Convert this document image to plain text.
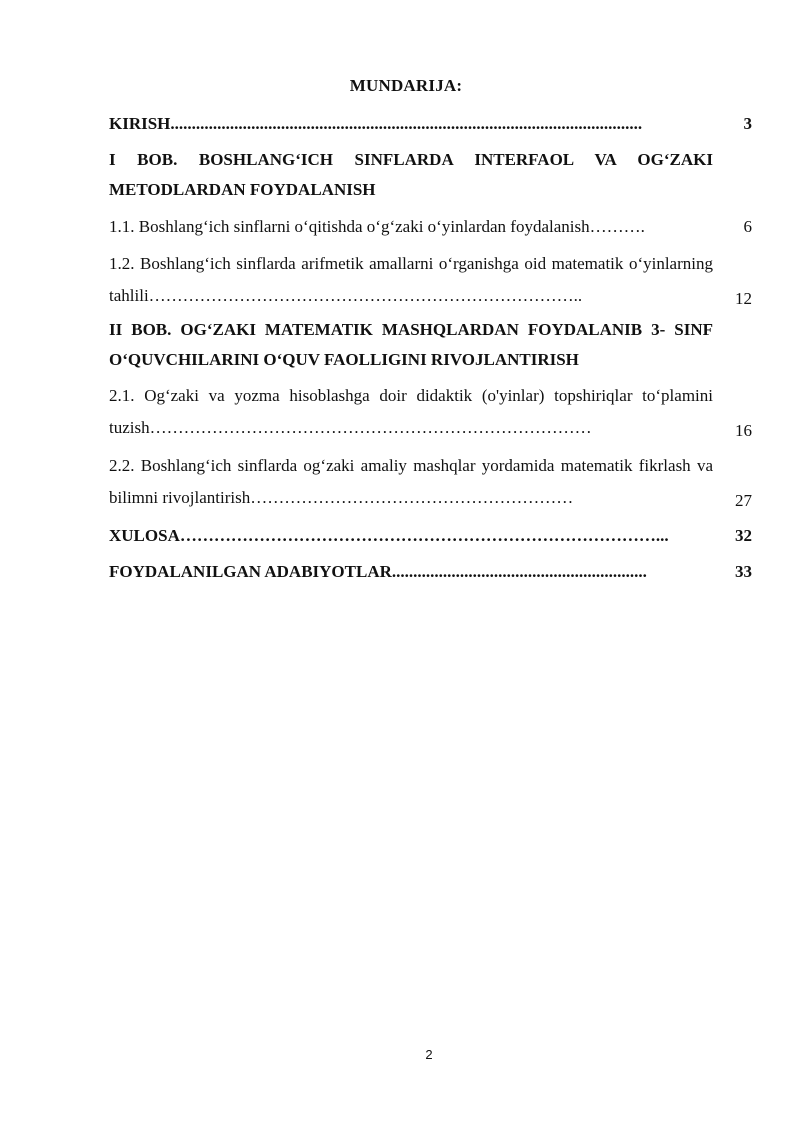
MUNDARIJA:
KIRISH...............................................................................................................	3
I BOB. BOSHLANG‘ICH SINFLARDA INTERFAOL VA OG‘ZAKI METODLARDAN FOYDALANISH
1.1. Boshlang‘ich sinflarni o‘qitishda o‘g‘zaki o‘yinlardan foydalanish……….	6
1.2. Boshlang‘ich sinflarda arifmetik amallarni o‘rganishga oid matematik o‘yinlarning tahlili…………………………………………………………………..	12
II BOB. OG‘ZAKI MATEMATIK MASHQLARDAN FOYDALANIB 3- SINF O‘QUVCHILARINI O‘QUV FAOLLIGINI RIVOJLANTIRISH
2.1. Og‘zaki va yozma hisoblashga doir didaktik (o'yinlar) topshiriqlar to‘plamini tuzish……………………………………………………………………	16
2.2. Boshlang‘ich sinflarda og‘zaki amaliy mashqlar yordamida matematik fikrlash va bilimni rivojlantirish…………………………………………………	27
XULOSA…………………………………………………………………………...	32
FOYDALANILGAN ADABIYOTLAR............................................................	33
2
